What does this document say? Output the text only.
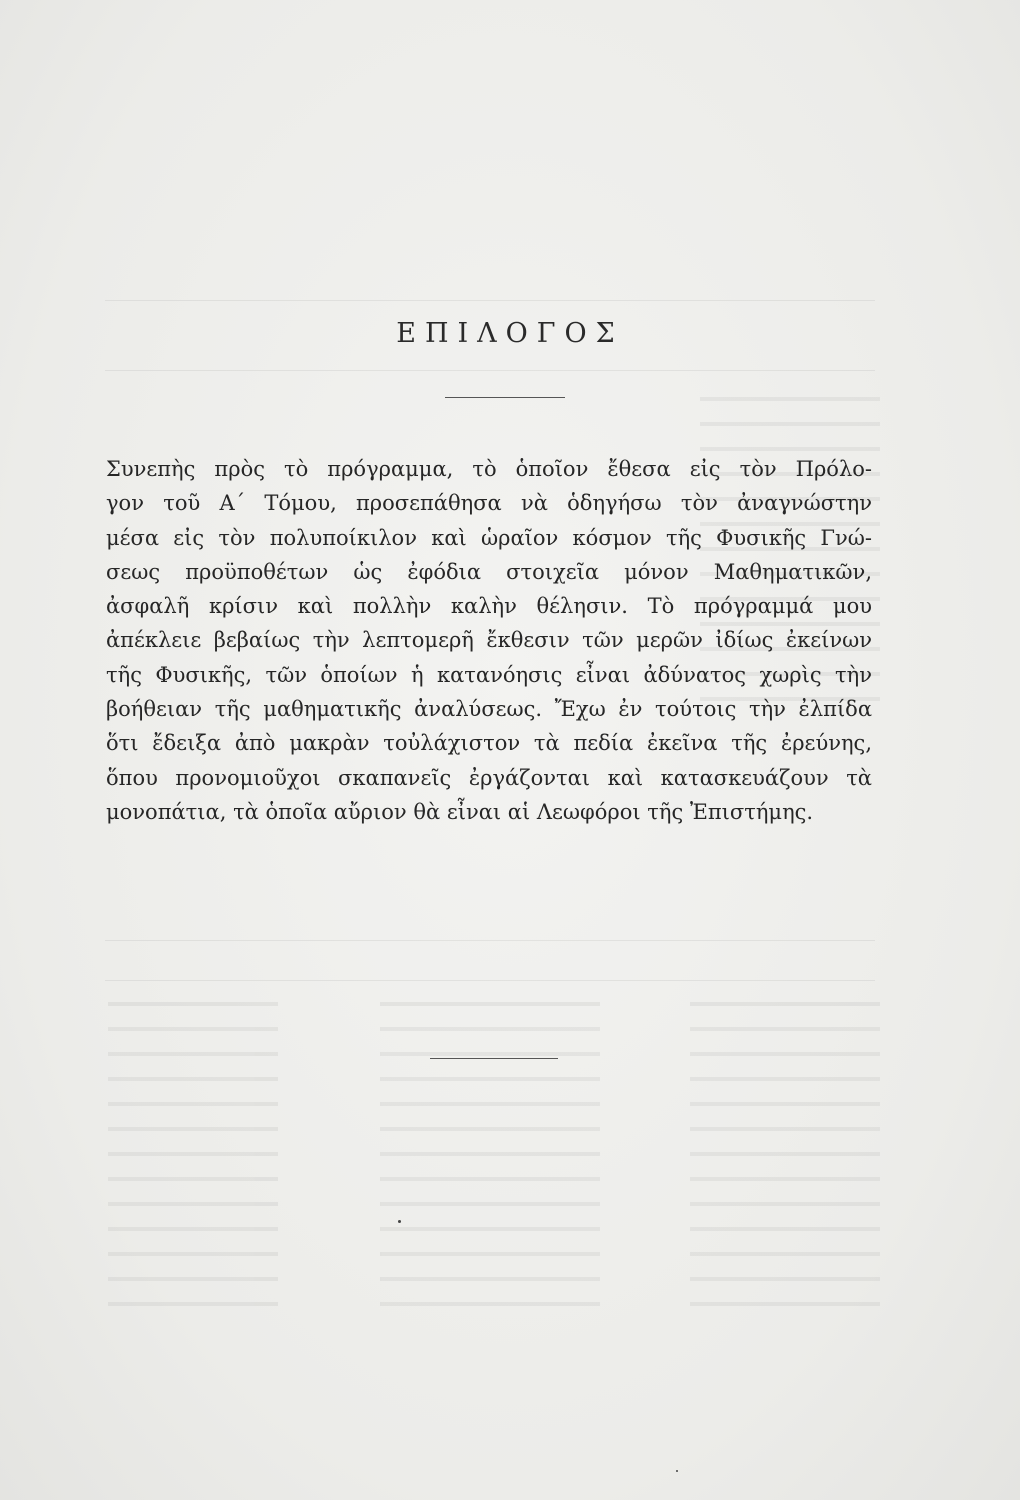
ΕΠΙΛΟΓΟΣ
Συνεπὴς πρὸς τὸ πρόγραμμα, τὸ ὁποῖον ἔθεσα εἰς τὸν Πρόλο-
γον τοῦ Α΄ Τόμου, προσεπάθησα νὰ ὁδηγήσω τὸν ἀναγνώστην
μέσα εἰς τὸν πολυποίκιλον καὶ ὡραῖον κόσμον τῆς Φυσικῆς Γνώ-
σεως προϋποθέτων ὡς ἐφόδια στοιχεῖα μόνον Μαθηματικῶν,
ἀσφαλῆ κρίσιν καὶ πολλὴν καλὴν θέλησιν. Τὸ πρόγραμμά μου
ἀπέκλειε βεβαίως τὴν λεπτομερῆ ἔκθεσιν τῶν μερῶν ἰδίως ἐκείνων
τῆς Φυσικῆς, τῶν ὁποίων ἡ κατανόησις εἶναι ἀδύνατος χωρὶς τὴν
βοήθειαν τῆς μαθηματικῆς ἀναλύσεως. Ἔχω ἐν τούτοις τὴν ἐλπίδα
ὅτι ἔδειξα ἀπὸ μακρὰν τοὐλάχιστον τὰ πεδία ἐκεῖνα τῆς ἐρεύνης,
ὅπου προνομιοῦχοι σκαπανεῖς ἐργάζονται καὶ κατασκευάζουν τὰ
μονοπάτια, τὰ ὁποῖα αὔριον θὰ εἶναι αἱ Λεωφόροι τῆς Ἐπιστήμης.
